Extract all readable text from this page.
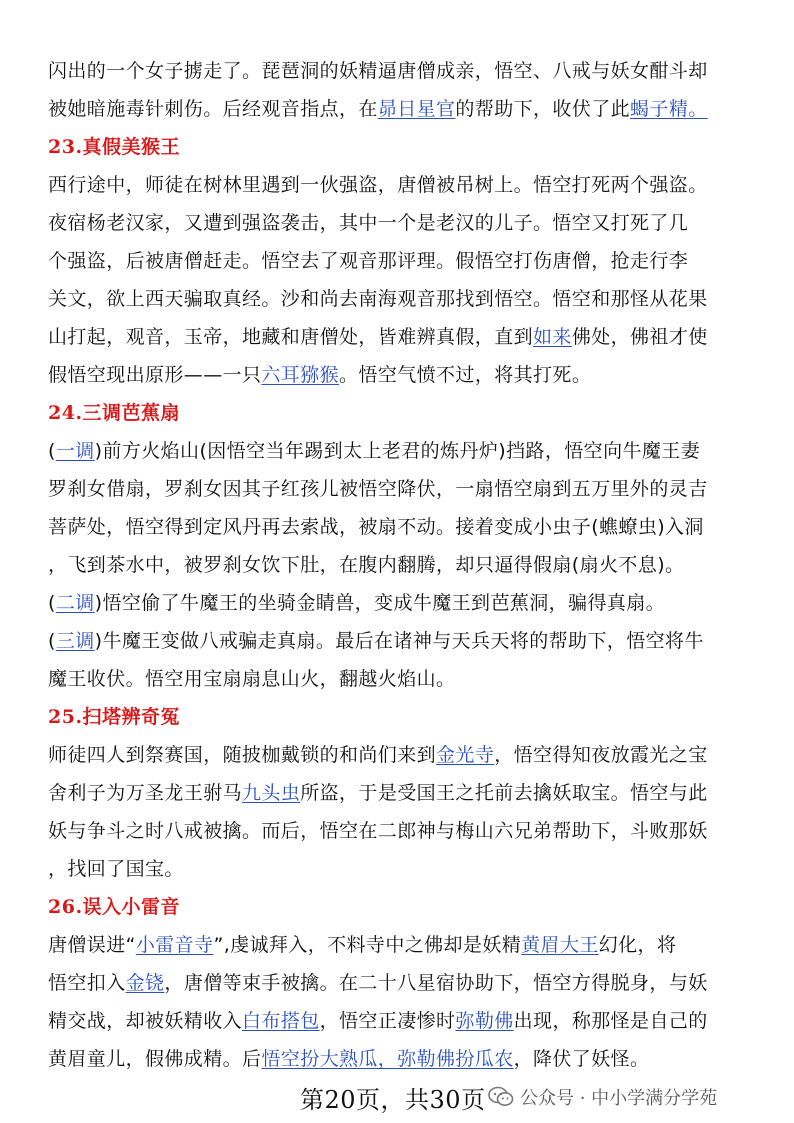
闪出的一个女子掳走了。琵琶洞的妖精逼唐僧成亲，悟空、八戒与妖女酣斗却

被她暗施毒针刺伤。后经观音指点，在昴日星官的帮助下，收伏了此蝎子精。

23.真假美猴王

西行途中，师徒在树林里遇到一伙强盗，唐僧被吊树上。悟空打死两个强盗。

夜宿杨老汉家，又遭到强盗袭击，其中一个是老汉的儿子。悟空又打死了几

个强盗，后被唐僧赶走。悟空去了观音那评理。假悟空打伤唐僧，抢走行李

关文，欲上西天骗取真经。沙和尚去南海观音那找到悟空。悟空和那怪从花果

山打起，观音，玉帝，地藏和唐僧处，皆难辨真假，直到如来佛处，佛祖才使

假悟空现出原形——一只六耳猕猴。悟空气愤不过，将其打死。

24.三调芭蕉扇

(一调)前方火焰山(因悟空当年踢到太上老君的炼丹炉)挡路，悟空向牛魔王妻

罗刹女借扇，罗刹女因其子红孩儿被悟空降伏，一扇悟空扇到五万里外的灵吉

菩萨处，悟空得到定风丹再去索战，被扇不动。接着变成小虫子(蟭蟟虫)入洞

，飞到茶水中，被罗刹女饮下肚，在腹内翻腾，却只逼得假扇(扇火不息)。

(二调)悟空偷了牛魔王的坐骑金睛兽，变成牛魔王到芭蕉洞，骗得真扇。

(三调)牛魔王变做八戒骗走真扇。最后在诸神与天兵天将的帮助下，悟空将牛

魔王收伏。悟空用宝扇扇息山火，翻越火焰山。

25.扫塔辨奇冤

师徒四人到祭赛国，随披枷戴锁的和尚们来到金光寺，悟空得知夜放霞光之宝

舍利子为万圣龙王驸马九头虫所盗，于是受国王之托前去擒妖取宝。悟空与此

妖与争斗之时八戒被擒。而后，悟空在二郎神与梅山六兄弟帮助下，斗败那妖

，找回了国宝。

26.误入小雷音

唐僧误进“小雷音寺”,虔诚拜入，不料寺中之佛却是妖精黄眉大王幻化，将

悟空扣入金铙，唐僧等束手被擒。在二十八星宿协助下，悟空方得脱身，与妖

精交战，却被妖精收入白布搭包，悟空正凄惨时弥勒佛出现，称那怪是自己的

黄眉童儿，假佛成精。后悟空扮大熟瓜，弥勒佛扮瓜农，降伏了妖怪。

第20页，共30页 公众号 · 中小学满分学苑
